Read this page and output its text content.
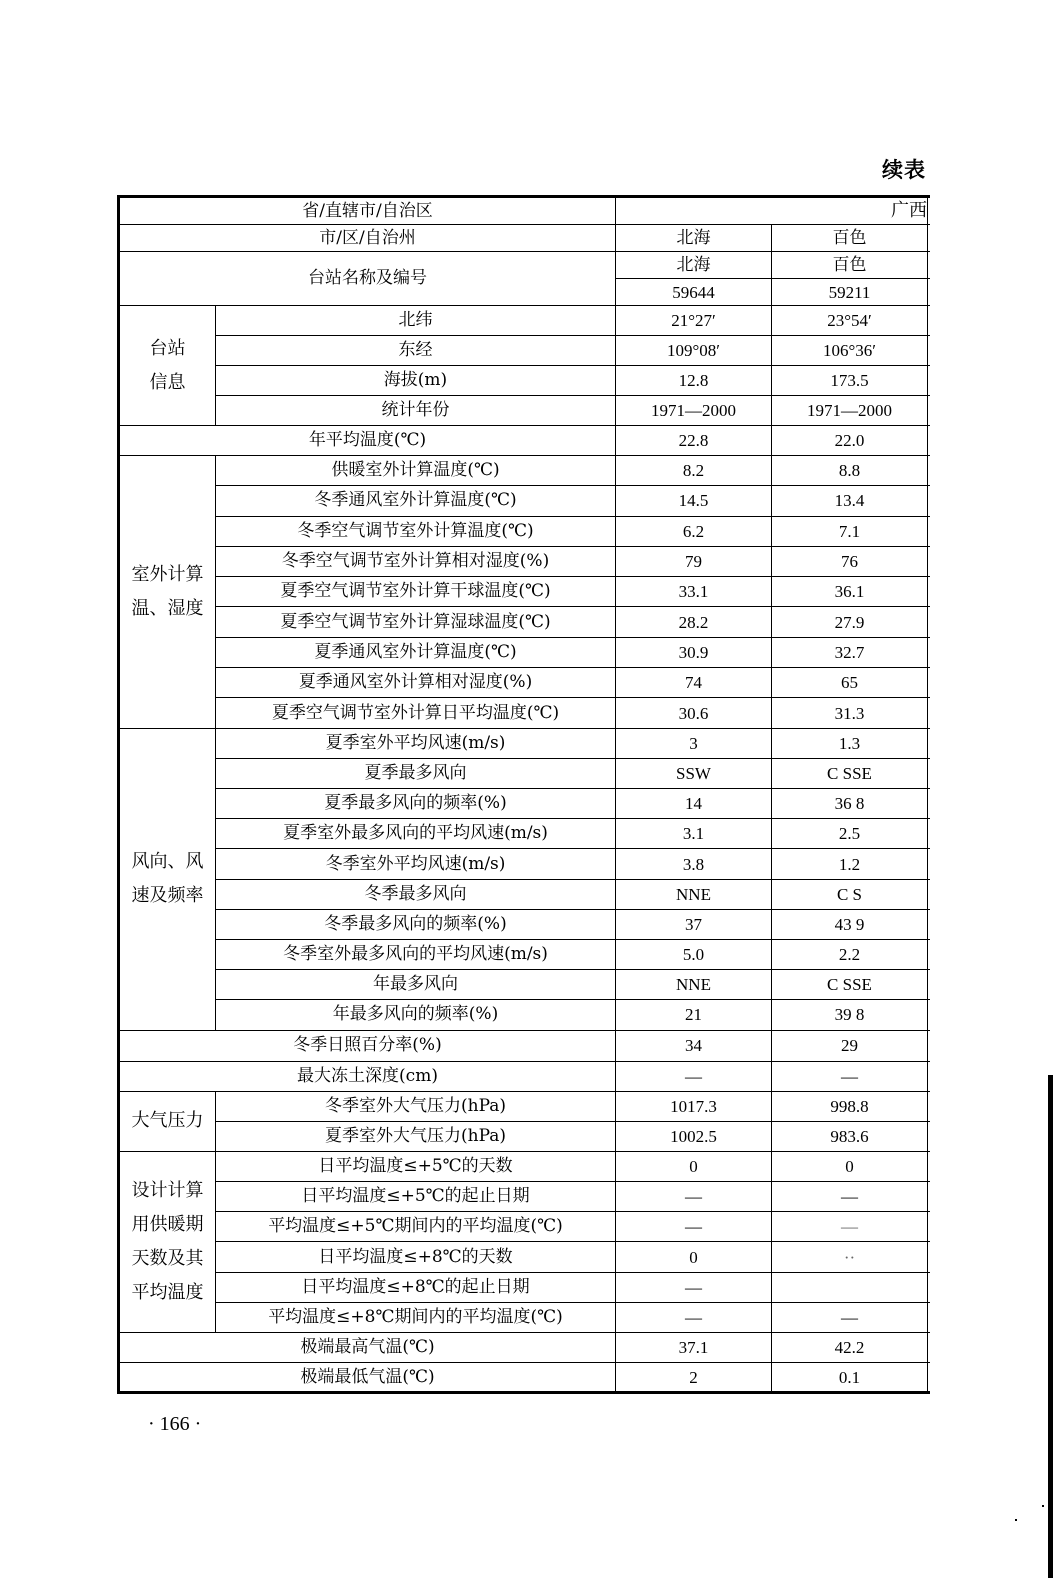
续表
省/直辖市/自治区		广西		
市/区/自治州		北海	百色	
台站名称及编号		北海	百色	
		59644	59211	
台站信息	北纬	21°27′	23°54′	
	东经	109°08′	106°36′	
	海拔(m)	12.8	173.5	
	统计年份	1971—2000	1971—2000	
年平均温度(℃)		22.8	22.0	
室外计算温、湿度	供暖室外计算温度(℃)	8.2	8.8	
	冬季通风室外计算温度(℃)	14.5	13.4	
	冬季空气调节室外计算温度(℃)	6.2	7.1	
	冬季空气调节室外计算相对湿度(%)	79	76	
	夏季空气调节室外计算干球温度(℃)	33.1	36.1	
	夏季空气调节室外计算湿球温度(℃)	28.2	27.9	
	夏季通风室外计算温度(℃)	30.9	32.7	
	夏季通风室外计算相对湿度(%)	74	65	
	夏季空气调节室外计算日平均温度(℃)	30.6	31.3	
风向、风速及频率	夏季室外平均风速(m/s)	3	1.3	
	夏季最多风向	SSW	C SSE	
	夏季最多风向的频率(%)	14	36 8	
	夏季室外最多风向的平均风速(m/s)	3.1	2.5	
	冬季室外平均风速(m/s)	3.8	1.2	
	冬季最多风向	NNE	C S	
	冬季最多风向的频率(%)	37	43 9	
	冬季室外最多风向的平均风速(m/s)	5.0	2.2	
	年最多风向	NNE	C SSE	
	年最多风向的频率(%)	21	39 8	
冬季日照百分率(%)		34	29	
最大冻土深度(cm)		—	—	
大气压力	冬季室外大气压力(hPa)	1017.3	998.8	
	夏季室外大气压力(hPa)	1002.5	983.6	
设计计算用供暖期天数及其平均温度	日平均温度≤+5℃的天数	0	0	
	日平均温度≤+5℃的起止日期	—	—	
	平均温度≤+5℃期间内的平均温度(℃)	—	—	
	日平均温度≤+8℃的天数	0	··	
	日平均温度≤+8℃的起止日期	—		
	平均温度≤+8℃期间内的平均温度(℃)	—	—	
极端最高气温(℃)		37.1	42.2	
极端最低气温(℃)		2	0.1	
· 166 ·
